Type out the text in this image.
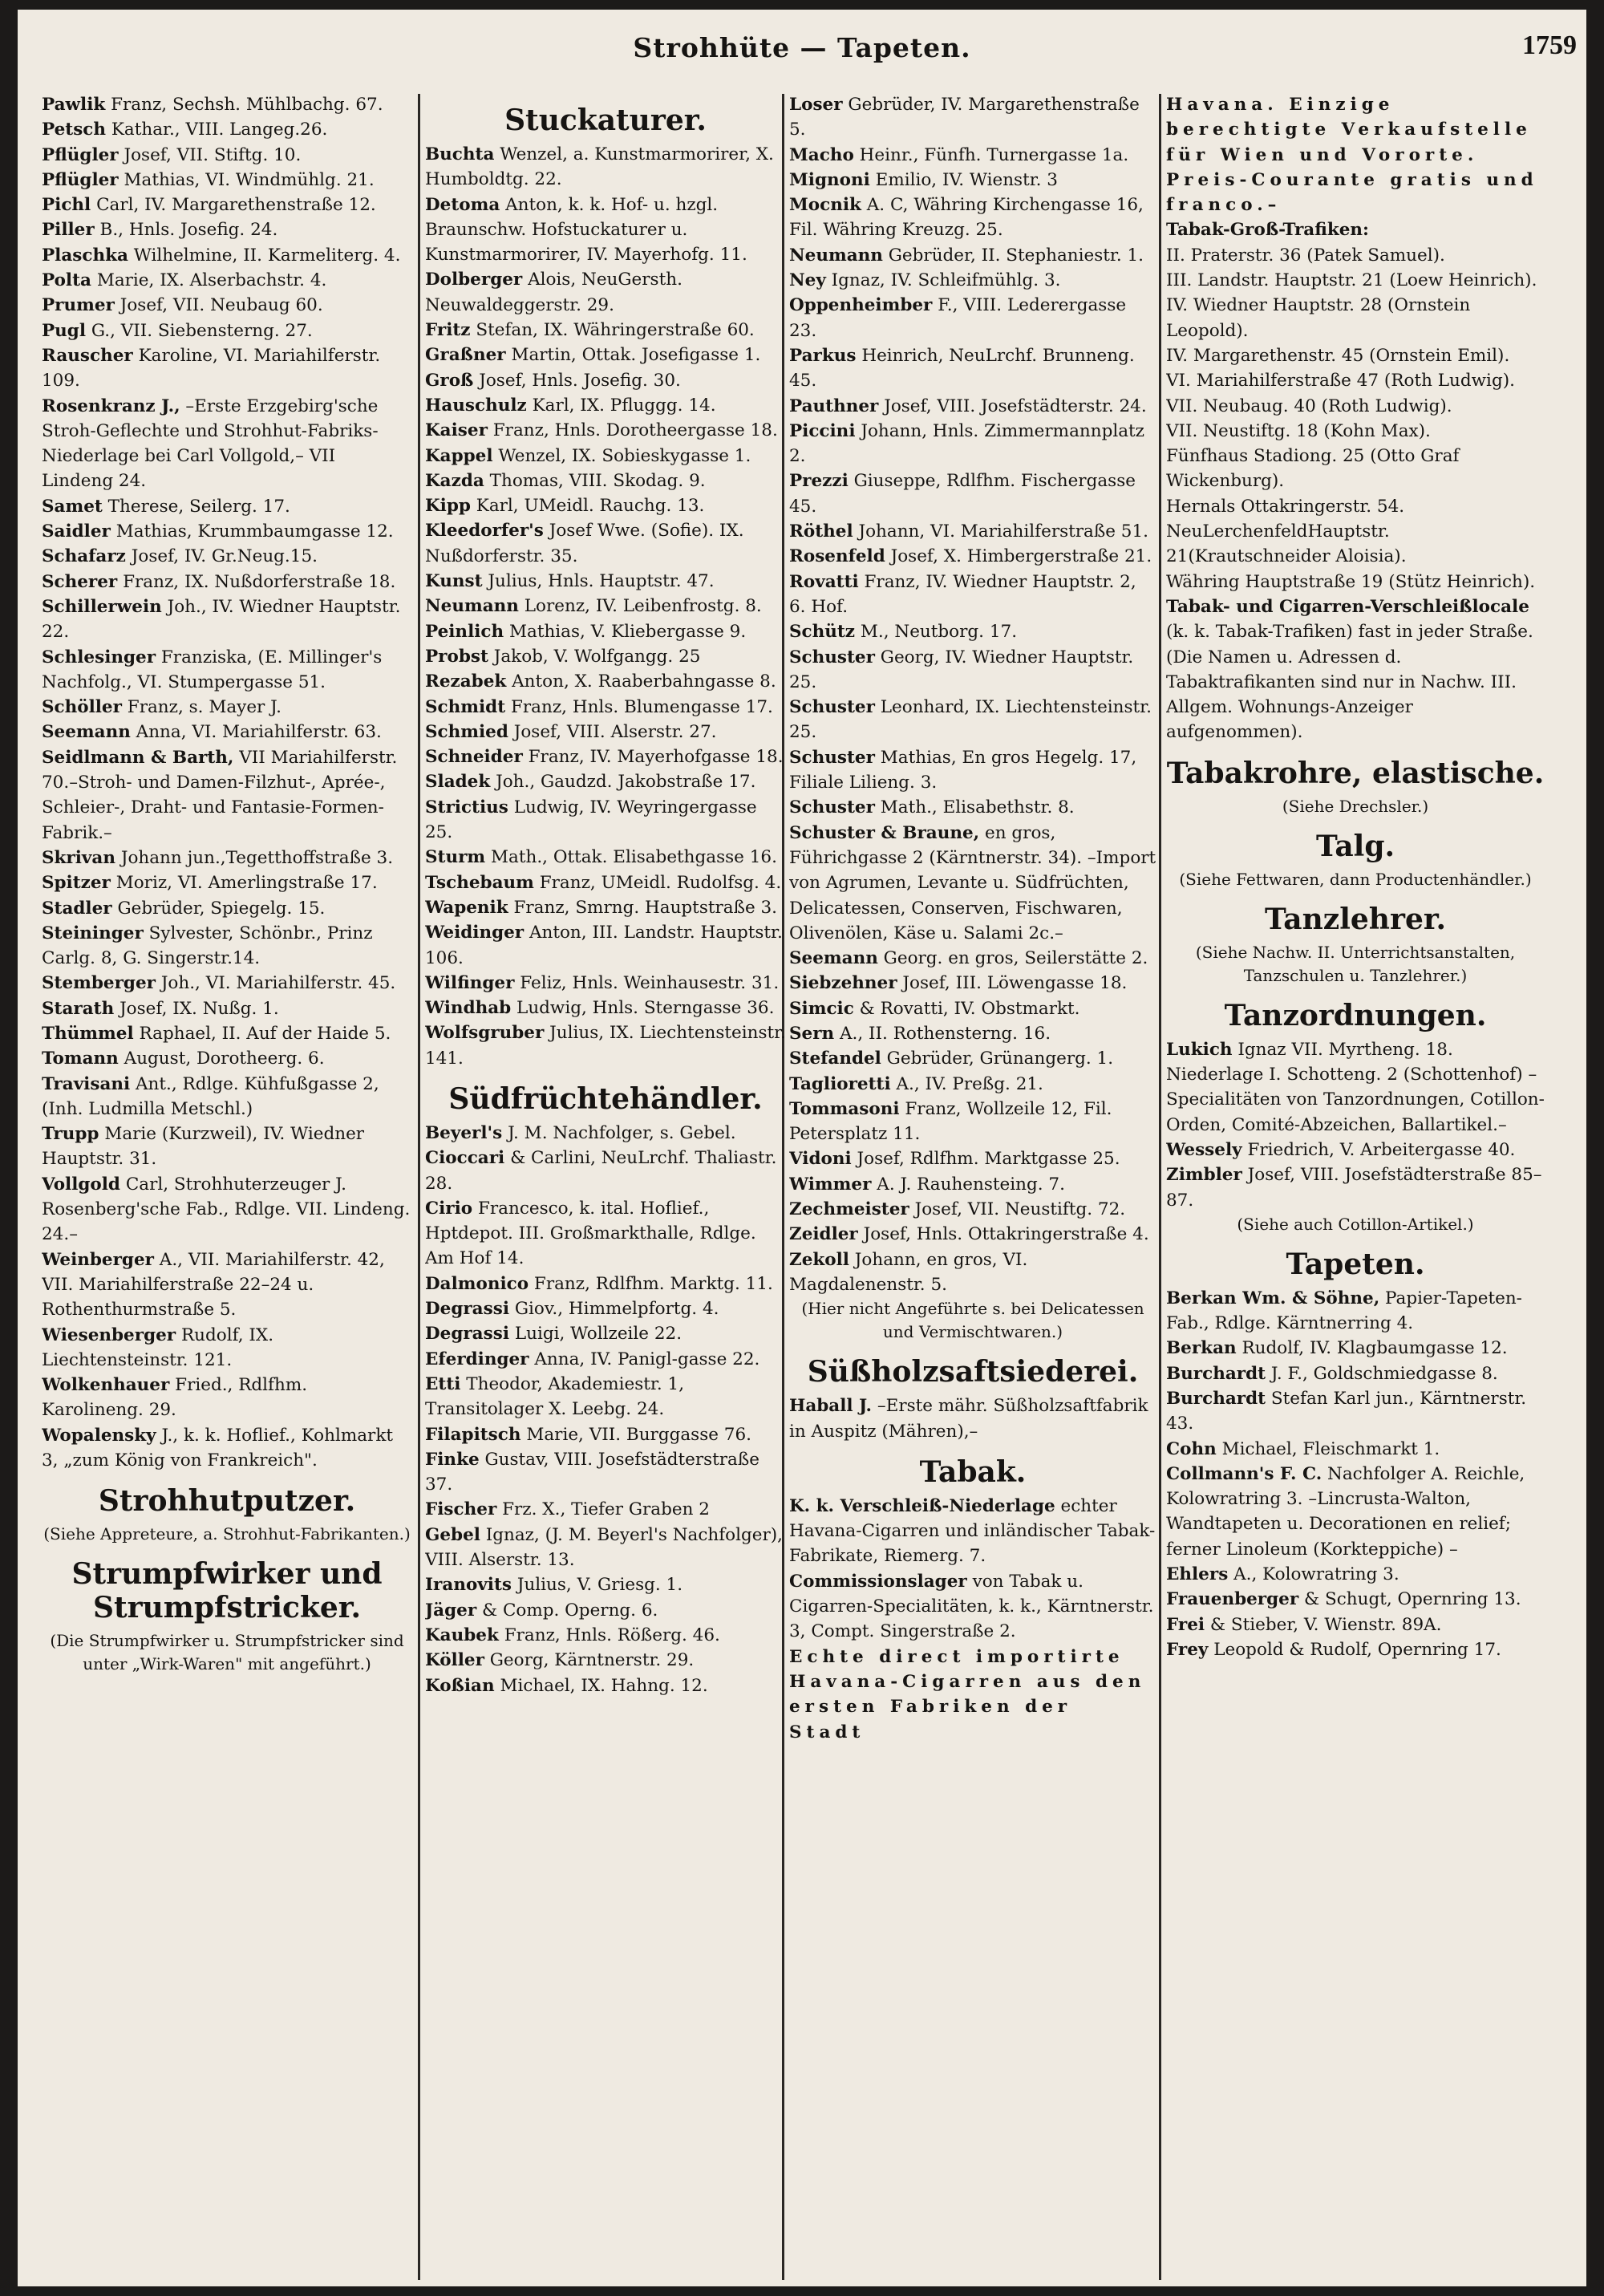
Strohhüte — Tapeten.	1759
Pawlik Franz, Sechsh. Mühlbachg. 67.
Petsch Kathar., VIII. Langeg.26.
Pflügler Josef, VII. Stiftg. 10.
Pflügler Mathias, VI. Windmühlg. 21.
Pichl Carl, IV. Margarethenstraße 12.
Piller B., Hnls. Josefig. 24.
Plaschka Wilhelmine, II. Karmeliterg. 4.
Polta Marie, IX. Alserbachstr. 4.
Prumer Josef, VII. Neubaug 60.
Pugl G., VII. Siebensterng. 27.
Rauscher Karoline, VI. Mariahilferstr. 109.
Rosenkranz J., –Erste Erzgebirg'sche Stroh-Geflechte und Strohhut-Fabriks-Niederlage bei Carl Vollgold,– VII Lindeng 24.
Samet Therese, Seilerg. 17.
Saidler Mathias, Krummbaumgasse 12.
Schafarz Josef, IV. Gr.Neug.15.
Scherer Franz, IX. Nußdorferstraße 18.
Schillerwein Joh., IV. Wiedner Hauptstr. 22.
Schlesinger Franziska, (E. Millinger's Nachfolg., VI. Stumpergasse 51.
Schöller Franz, s. Mayer J.
Seemann Anna, VI. Mariahilferstr. 63.
Seidlmann & Barth, VII Mariahilferstr. 70.–Stroh- und Damen-Filzhut-, Aprée-, Schleier-, Draht- und Fantasie-Formen-Fabrik.–
Skrivan Johann jun.,Tegetthoffstraße 3.
Spitzer Moriz, VI. Amerlingstraße 17.
Stadler Gebrüder, Spiegelg. 15.
Steininger Sylvester, Schönbr., Prinz Carlg. 8, G. Singerstr.14.
Stemberger Joh., VI. Mariahilferstr. 45.
Starath Josef, IX. Nußg. 1.
Thümmel Raphael, II. Auf der Haide 5.
Tomann August, Dorotheerg. 6.
Travisani Ant., Rdlge. Kühfußgasse 2, (Inh. Ludmilla Metschl.)
Trupp Marie (Kurzweil), IV. Wiedner Hauptstr. 31.
Vollgold Carl, Strohhuterzeuger J. Rosenberg'sche Fab., Rdlge. VII. Lindeng. 24.–
Weinberger A., VII. Mariahilferstr. 42, VII. Mariahilferstraße 22–24 u. Rothenthurmstraße 5.
Wiesenberger Rudolf, IX. Liechtensteinstr. 121.
Wolkenhauer Fried., Rdlfhm. Karolineng. 29.
Wopalensky J., k. k. Hoflief., Kohlmarkt 3, „zum König von Frankreich".
Strohhutputzer.
(Siehe Appreteure, a. Strohhut-Fabrikanten.)
Strumpfwirker und Strumpfstricker.
(Die Strumpfwirker u. Strumpfstricker sind unter „Wirk-Waren" mit angeführt.)
Stuckaturer.
Buchta Wenzel, a. Kunstmarmorirer, X. Humboldtg. 22.
Detoma Anton, k. k. Hof- u. hzgl. Braunschw. Hofstuckaturer u. Kunstmarmorirer, IV. Mayerhofg. 11.
Dolberger Alois, NeuGersth. Neuwaldeggerstr. 29.
Fritz Stefan, IX. Währingerstraße 60.
Graßner Martin, Ottak. Josefigasse 1.
Groß Josef, Hnls. Josefig. 30.
Hauschulz Karl, IX. Pfluggg. 14.
Kaiser Franz, Hnls. Dorotheergasse 18.
Kappel Wenzel, IX. Sobieskygasse 1.
Kazda Thomas, VIII. Skodag. 9.
Kipp Karl, UMeidl. Rauchg. 13.
Kleedorfer's Josef Wwe. (Sofie). IX. Nußdorferstr. 35.
Kunst Julius, Hnls. Hauptstr. 47.
Neumann Lorenz, IV. Leibenfrostg. 8.
Peinlich Mathias, V. Kliebergasse 9.
Probst Jakob, V. Wolfgangg. 25
Rezabek Anton, X. Raaberbahngasse 8.
Schmidt Franz, Hnls. Blumengasse 17.
Schmied Josef, VIII. Alserstr. 27.
Schneider Franz, IV. Mayerhofgasse 18.
Sladek Joh., Gaudzd. Jakobstraße 17.
Strictius Ludwig, IV. Weyringergasse 25.
Sturm Math., Ottak. Elisabethgasse 16.
Tschebaum Franz, UMeidl. Rudolfsg. 4.
Wapenik Franz, Smrng. Hauptstraße 3.
Weidinger Anton, III. Landstr. Hauptstr. 106.
Wilfinger Feliz, Hnls. Weinhausestr. 31.
Windhab Ludwig, Hnls. Sterngasse 36.
Wolfsgruber Julius, IX. Liechtensteinstr. 141.
Südfrüchtehändler.
Beyerl's J. M. Nachfolger, s. Gebel.
Cioccari & Carlini, NeuLrchf. Thaliastr. 28.
Cirio Francesco, k. ital. Hoflief., Hptdepot. III. Großmarkthalle, Rdlge. Am Hof 14.
Dalmonico Franz, Rdlfhm. Marktg. 11.
Degrassi Giov., Himmelpfortg. 4.
Degrassi Luigi, Wollzeile 22.
Eferdinger Anna, IV. Panigl-gasse 22.
Etti Theodor, Akademiestr. 1, Transitolager X. Leebg. 24.
Filapitsch Marie, VII. Burggasse 76.
Finke Gustav, VIII. Josefstädterstraße 37.
Fischer Frz. X., Tiefer Graben 2
Gebel Ignaz, (J. M. Beyerl's Nachfolger), VIII. Alserstr. 13.
Iranovits Julius, V. Griesg. 1.
Jäger & Comp. Operng. 6.
Kaubek Franz, Hnls. Rößerg. 46.
Köller Georg, Kärntnerstr. 29.
Koßian Michael, IX. Hahng. 12.
Loser Gebrüder, IV. Margarethenstraße 5.
Macho Heinr., Fünfh. Turnergasse 1a.
Mignoni Emilio, IV. Wienstr. 3
Mocnik A. C, Währing Kirchengasse 16, Fil. Währing Kreuzg. 25.
Neumann Gebrüder, II. Stephaniestr. 1.
Ney Ignaz, IV. Schleifmühlg. 3.
Oppenheimber F., VIII. Lederergasse 23.
Parkus Heinrich, NeuLrchf. Brunneng. 45.
Pauthner Josef, VIII. Josefstädterstr. 24.
Piccini Johann, Hnls. Zimmermannplatz 2.
Prezzi Giuseppe, Rdlfhm. Fischergasse 45.
Röthel Johann, VI. Mariahilferstraße 51.
Rosenfeld Josef, X. Himbergerstraße 21.
Rovatti Franz, IV. Wiedner Hauptstr. 2, 6. Hof.
Schütz M., Neutborg. 17.
Schuster Georg, IV. Wiedner Hauptstr. 25.
Schuster Leonhard, IX. Liechtensteinstr. 25.
Schuster Mathias, En gros Hegelg. 17, Filiale Lilieng. 3.
Schuster Math., Elisabethstr. 8.
Schuster & Braune, en gros, Führichgasse 2 (Kärntnerstr. 34). –Import von Agrumen, Levante u. Südfrüchten, Delicatessen, Conserven, Fischwaren, Olivenölen, Käse u. Salami 2c.–
Seemann Georg. en gros, Seilerstätte 2.
Siebzehner Josef, III. Löwengasse 18.
Simcic & Rovatti, IV. Obstmarkt.
Sern A., II. Rothensterng. 16.
Stefandel Gebrüder, Grünangerg. 1.
Taglioretti A., IV. Preßg. 21.
Tommasoni Franz, Wollzeile 12, Fil. Petersplatz 11.
Vidoni Josef, Rdlfhm. Marktgasse 25.
Wimmer A. J. Rauhensteing. 7.
Zechmeister Josef, VII. Neustiftg. 72.
Zeidler Josef, Hnls. Ottakringerstraße 4.
Zekoll Johann, en gros, VI. Magdalenenstr. 5.
(Hier nicht Angeführte s. bei Delicatessen und Vermischtwaren.)
Süßholzsaftsiederei.
Haball J. –Erste mähr. Süßholzsaftfabrik in Auspitz (Mähren),–
Tabak.
K. k. Verschleiß-Niederlage echter Havana-Cigarren und inländischer Tabak-Fabrikate, Riemerg. 7.
Commissionslager von Tabak u. Cigarren-Specialitäten, k. k., Kärntnerstr. 3, Compt. Singerstraße 2.
Echte direct importirte Havana-Cigarren aus den ersten Fabriken der Stadt
Havana. Einzige berechtigte Verkaufstelle für Wien und Vororte.
Preis-Courante gratis und franco.–
Tabak-Groß-Trafiken:
II. Praterstr. 36 (Patek Samuel).
III. Landstr. Hauptstr. 21 (Loew Heinrich).
IV. Wiedner Hauptstr. 28 (Ornstein Leopold).
IV. Margarethenstr. 45 (Ornstein Emil).
VI. Mariahilferstraße 47 (Roth Ludwig).
VII. Neubaug. 40 (Roth Ludwig).
VII. Neustiftg. 18 (Kohn Max).
Fünfhaus Stadiong. 25 (Otto Graf Wickenburg).
Hernals Ottakringerstr. 54.
NeuLerchenfeldHauptstr. 21(Krautschneider Aloisia).
Währing Hauptstraße 19 (Stütz Heinrich).
Tabak- und Cigarren-Verschleißlocale (k. k. Tabak-Trafiken) fast in jeder Straße.
(Die Namen u. Adressen d. Tabaktrafikanten sind nur in Nachw. III. Allgem. Wohnungs-Anzeiger aufgenommen).
Tabakrohre, elastische.
(Siehe Drechsler.)
Talg.
(Siehe Fettwaren, dann Productenhändler.)
Tanzlehrer.
(Siehe Nachw. II. Unterrichtsanstalten, Tanzschulen u. Tanzlehrer.)
Tanzordnungen.
Lukich Ignaz VII. Myrtheng. 18. Niederlage I. Schotteng. 2 (Schottenhof) –Specialitäten von Tanzordnungen, Cotillon-Orden, Comité-Abzeichen, Ballartikel.–
Wessely Friedrich, V. Arbeitergasse 40.
Zimbler Josef, VIII. Josefstädterstraße 85–87.
(Siehe auch Cotillon-Artikel.)
Tapeten.
Berkan Wm. & Söhne, Papier-Tapeten-Fab., Rdlge. Kärntnerring 4.
Berkan Rudolf, IV. Klagbaumgasse 12.
Burchardt J. F., Goldschmiedgasse 8.
Burchardt Stefan Karl jun., Kärntnerstr. 43.
Cohn Michael, Fleischmarkt 1.
Collmann's F. C. Nachfolger A. Reichle, Kolowratring 3. –Lincrusta-Walton, Wandtapeten u. Decorationen en relief; ferner Linoleum (Korkteppiche) –
Ehlers A., Kolowratring 3.
Frauenberger & Schugt, Opernring 13.
Frei & Stieber, V. Wienstr. 89A.
Frey Leopold & Rudolf, Opernring 17.
